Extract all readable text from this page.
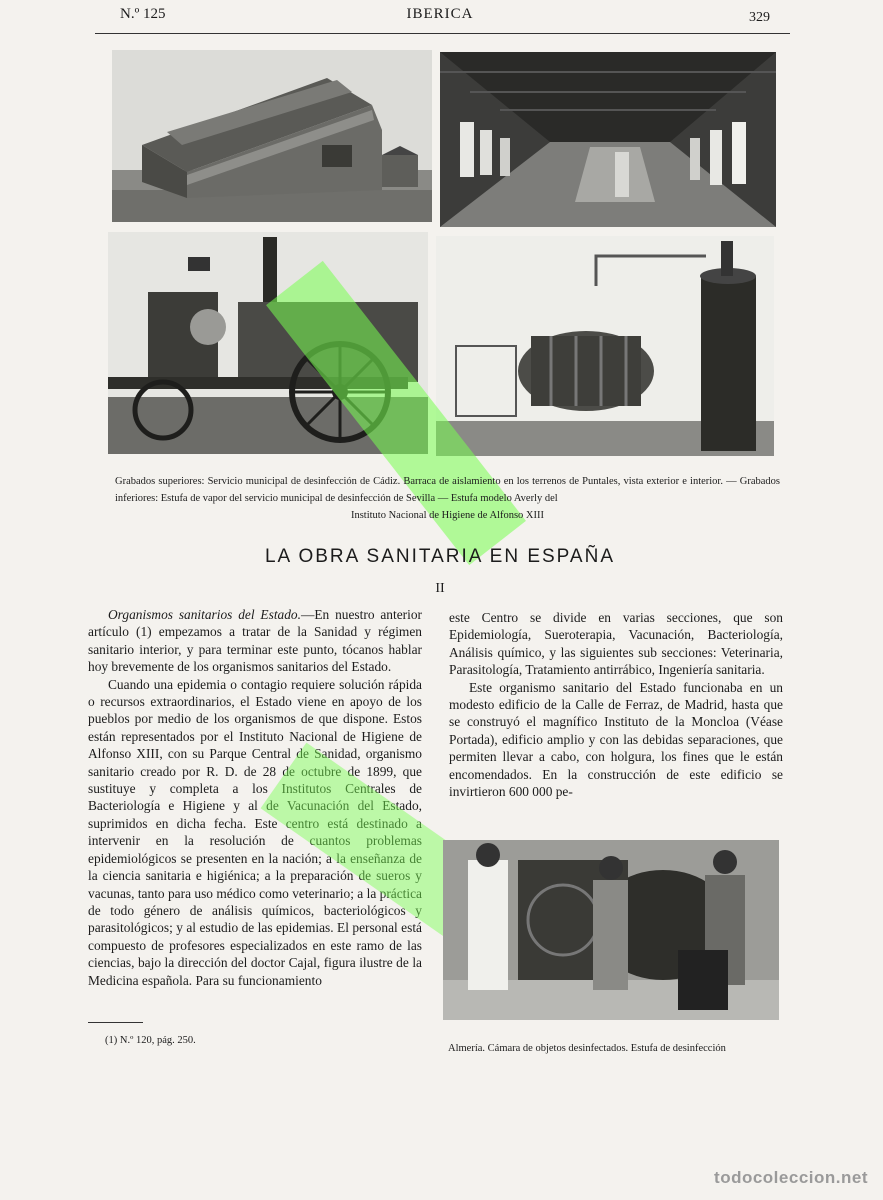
N.º 125	IBERICA	329
Grabados superiores: Servicio municipal de desinfección de Cádiz. Barraca de aislamiento en los terrenos de Puntales, vista exterior e interior. — Grabados inferiores: Estufa de vapor del servicio municipal de desinfección de Sevilla — Estufa modelo Averly del
Instituto Nacional de Higiene de Alfonso XIII
LA OBRA SANITARIA EN ESPAÑA
II

Organismos sanitarios del Estado.—En nuestro anterior artículo (1) empezamos a tratar de la Sanidad y régimen sanitario interior, y para terminar este punto, tócanos hablar hoy brevemente de los organismos sanitarios del Estado.

Cuando una epidemia o contagio requiere solución rápida o recursos extraordinarios, el Estado viene en apoyo de los pueblos por medio de los organismos de que dispone. Estos están representados por el Instituto Nacional de Higiene de Alfonso XIII, con su Parque Central de Sanidad, organismo sanitario creado por R. D. de 28 de octubre de 1899, que sustituye y completa a los Institutos Centrales de Bacteriología e Higiene y al de Vacunación del Estado, suprimidos en dicha fecha. Este centro está destinado a intervenir en la resolución de cuantos problemas epidemiológicos se presenten en la nación; a la enseñanza de la ciencia sanitaria e higiénica; a la preparación de sueros y vacunas, tanto para uso médico como veterinario; a la práctica de todo género de análisis químicos, bacteriológicos y parasitológicos; y al estudio de las epidemias. El personal está compuesto de profesores especializados en este ramo de las ciencias, bajo la dirección del doctor Cajal, figura ilustre de la Medicina española. Para su funcionamiento

este Centro se divide en varias secciones, que son Epidemiología, Sueroterapia, Vacunación, Bacteriología, Análisis químico, y las siguientes sub secciones: Veterinaria, Parasitología, Tratamiento antirrábico, Ingeniería sanitaria.

Este organismo sanitario del Estado funcionaba en un modesto edificio de la Calle de Ferraz, de Madrid, hasta que se construyó el magnífico Instituto de la Moncloa (Véase Portada), edificio amplio y con las debidas separaciones, que permiten llevar a cabo, con holgura, los fines que le están encomendados. En la construcción de este edificio se invirtieron 600 000 pe-

(1) N.º 120, pág. 250.
Almería. Cámara de objetos desinfectados. Estufa de desinfección
todocoleccion.net
